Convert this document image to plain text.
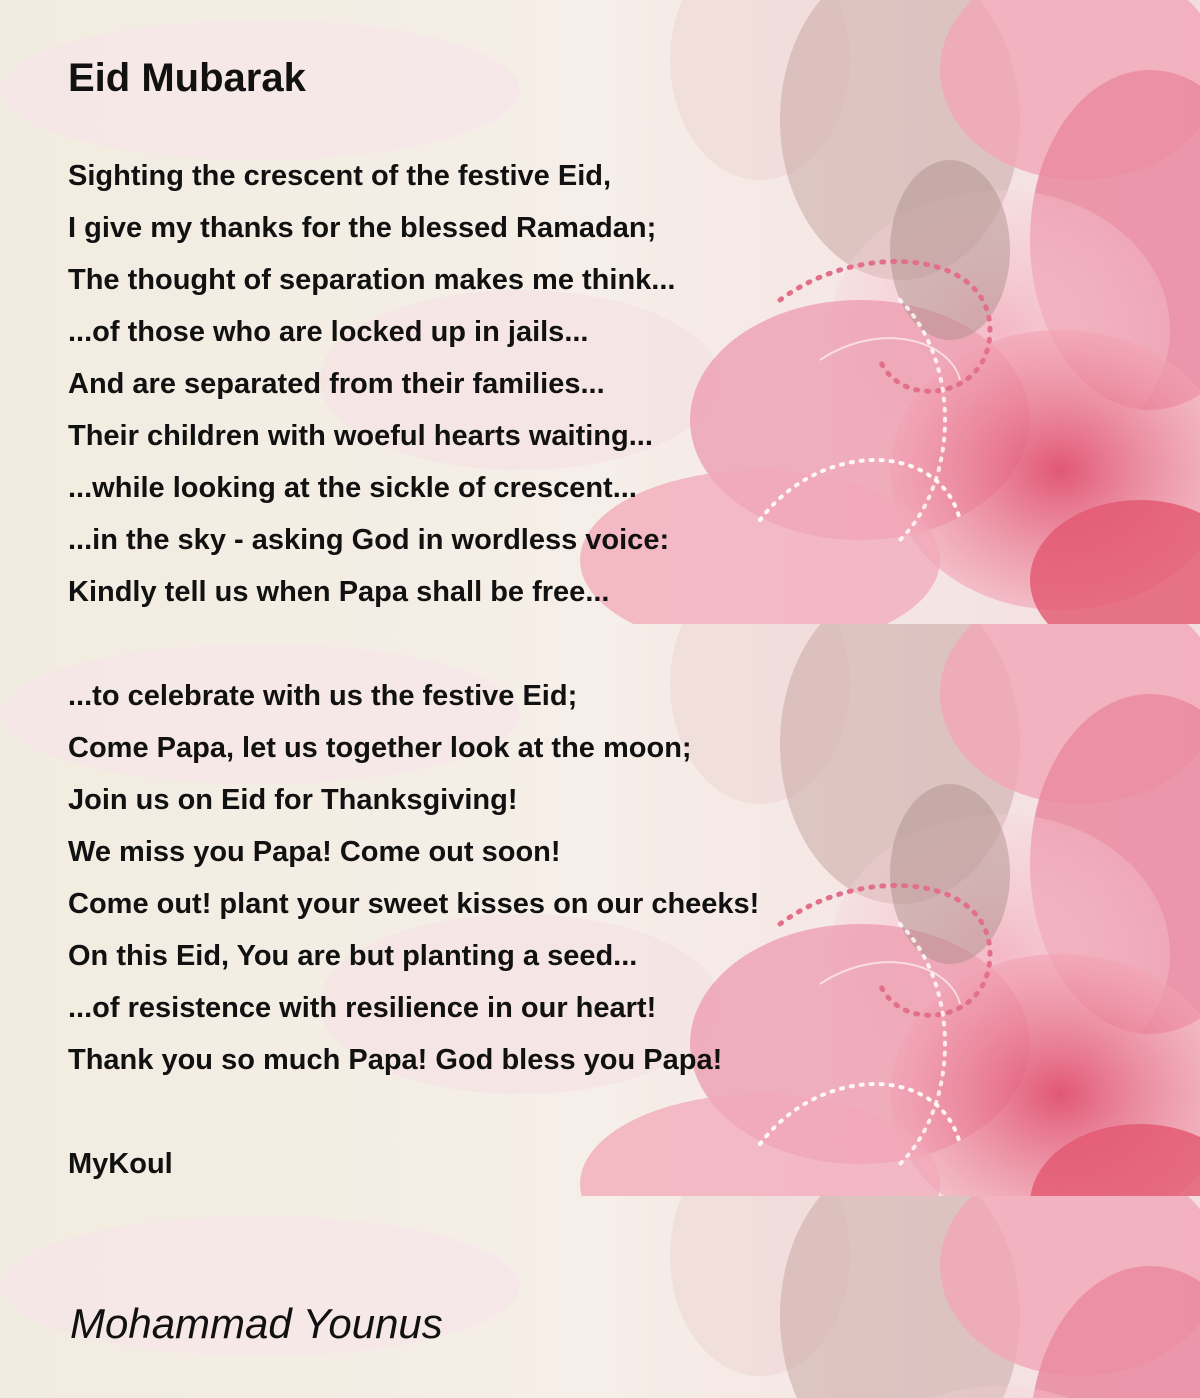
Eid Mubarak
Sighting the crescent of the festive Eid,
I give my thanks for the blessed Ramadan;
The thought of separation makes me think...
...of those who are locked up in jails...
And are separated from their families...
Their children with woeful hearts waiting...
...while looking at the sickle of crescent...
...in the sky - asking God in wordless voice:
Kindly tell us when Papa shall be free...
...to celebrate with us the festive Eid;
Come Papa, let us together look at the moon;
Join us on Eid for Thanksgiving!
We miss you Papa! Come out soon!
Come out! plant your sweet kisses on our cheeks!
On this Eid, You are but planting a seed...
...of resistence with resilience in our heart!
Thank you so much Papa! God bless you Papa!
MyKoul
Mohammad Younus
